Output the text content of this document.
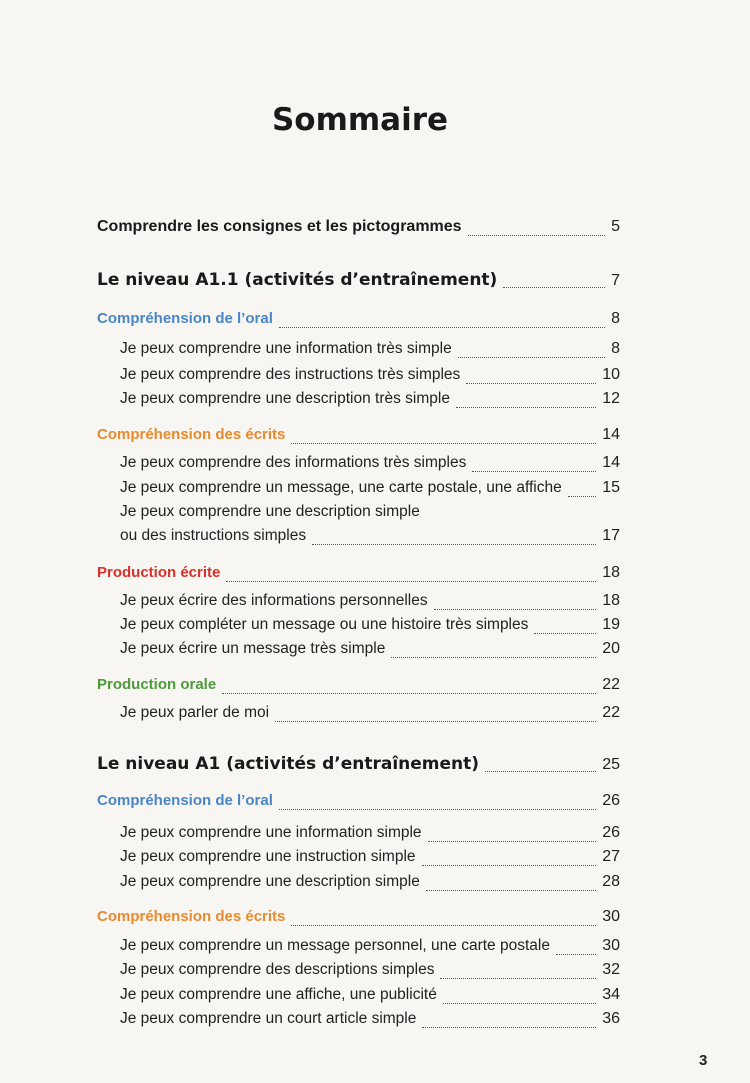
Sommaire
Comprendre les consignes et les pictogrammes	5
Le niveau A1.1 (activités d’entraînement)	7
Compréhension de l’oral	8
Je peux comprendre une information très simple	8
Je peux comprendre des instructions très simples	10
Je peux comprendre une description très simple	12
Compréhension des écrits	14
Je peux comprendre des informations très simples	14
Je peux comprendre un message, une carte postale, une affiche	15
Je peux comprendre une description simple
ou des instructions simples	17
Production écrite	18
Je peux écrire des informations personnelles	18
Je peux compléter un message ou une histoire très simples	19
Je peux écrire un message très simple	20
Production orale	22
Je peux parler de moi	22
Le niveau A1 (activités d’entraînement)	25
Compréhension de l’oral	26
Je peux comprendre une information simple	26
Je peux comprendre une instruction simple	27
Je peux comprendre une description simple	28
Compréhension des écrits	30
Je peux comprendre un message personnel, une carte postale	30
Je peux comprendre des descriptions simples	32
Je peux comprendre une affiche, une publicité	34
Je peux comprendre un court article simple	36
3
